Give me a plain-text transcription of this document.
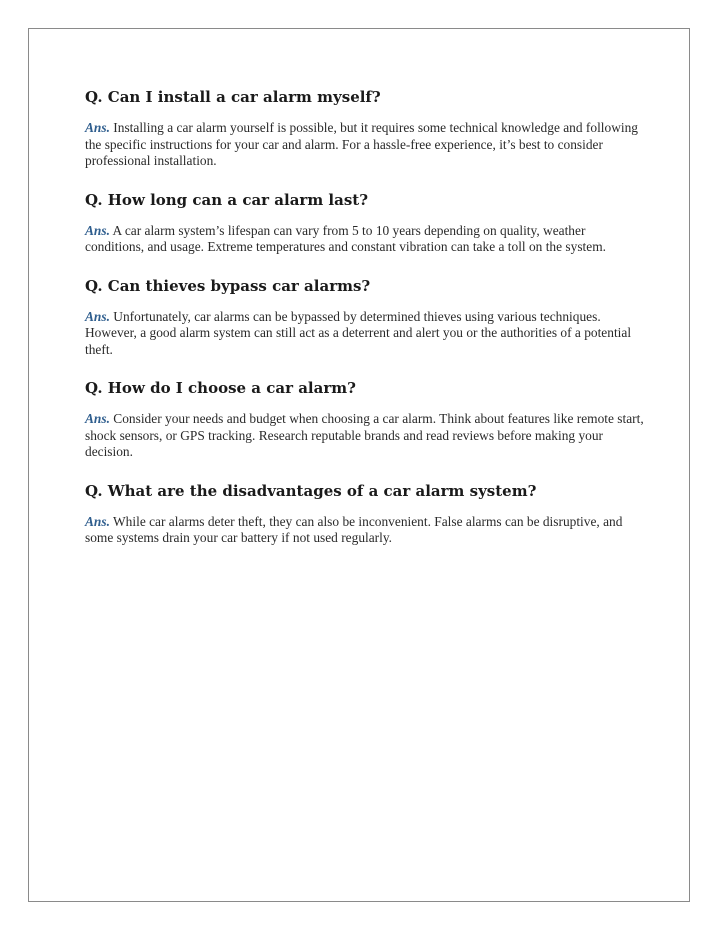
Q. Can I install a car alarm myself?

Ans. Installing a car alarm yourself is possible, but it requires some technical knowledge and following the specific instructions for your car and alarm. For a hassle-free experience, it’s best to consider professional installation.

Q. How long can a car alarm last?

Ans. A car alarm system’s lifespan can vary from 5 to 10 years depending on quality, weather conditions, and usage. Extreme temperatures and constant vibration can take a toll on the system.

Q. Can thieves bypass car alarms?

Ans. Unfortunately, car alarms can be bypassed by determined thieves using various techniques. However, a good alarm system can still act as a deterrent and alert you or the authorities of a potential theft.

Q. How do I choose a car alarm?

Ans. Consider your needs and budget when choosing a car alarm. Think about features like remote start, shock sensors, or GPS tracking. Research reputable brands and read reviews before making your decision.

Q. What are the disadvantages of a car alarm system?

Ans. While car alarms deter theft, they can also be inconvenient. False alarms can be disruptive, and some systems drain your car battery if not used regularly.
